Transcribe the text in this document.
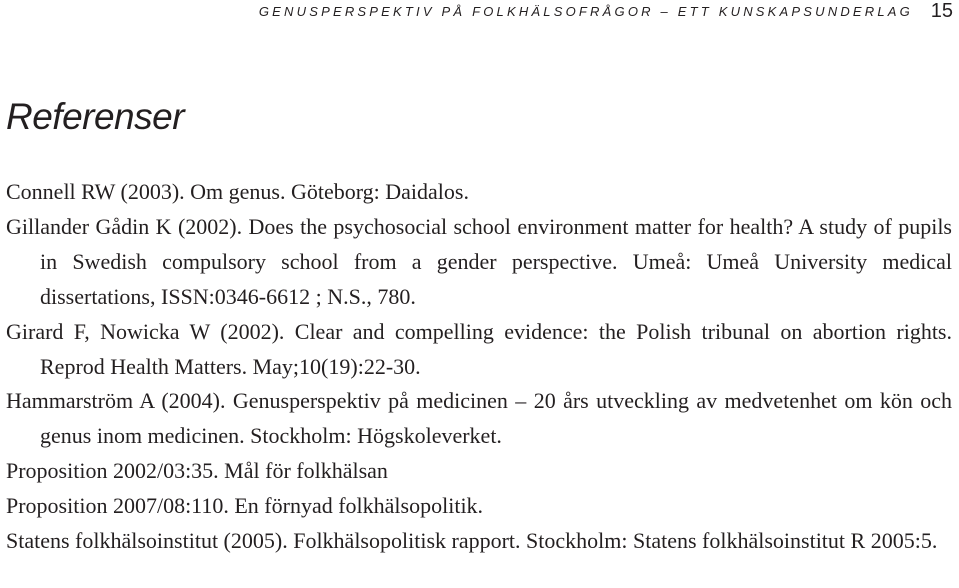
GENUSPERSPEKTIV PÅ FOLKHÄLSOFRÅGOR – ETT KUNSKAPSUNDERLAG 15
Referenser
Connell RW (2003). Om genus. Göteborg: Daidalos.
Gillander Gådin K (2002). Does the psychosocial school environment matter for health? A study of pupils in Swedish compulsory school from a gender perspective. Umeå: Umeå University medical dissertations, ISSN:0346-6612 ; N.S., 780.
Girard F, Nowicka W (2002). Clear and compelling evidence: the Polish tribunal on abortion rights. Reprod Health Matters. May;10(19):22-30.
Hammarström A (2004). Genusperspektiv på medicinen – 20 års utveckling av medvetenhet om kön och genus inom medicinen. Stockholm: Högskoleverket.
Proposition 2002/03:35. Mål för folkhälsan
Proposition 2007/08:110. En förnyad folkhälsopolitik.
Statens folkhälsoinstitut (2005). Folkhälsopolitisk rapport. Stockholm: Statens folkhälsoinstitut R 2005:5.
